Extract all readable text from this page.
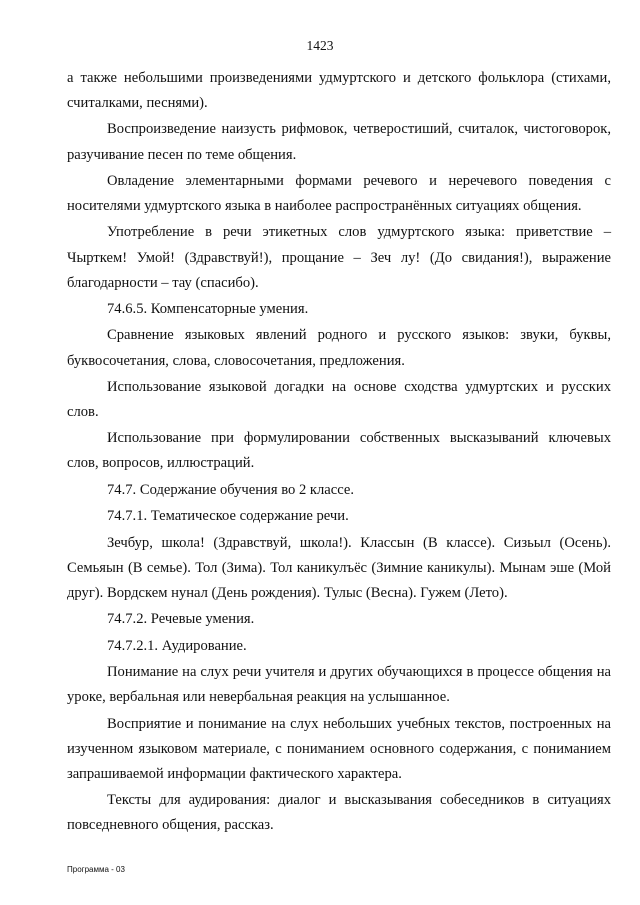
1423

а также небольшими произведениями удмуртского и детского фольклора (стихами, считалками, песнями).

Воспроизведение наизусть рифмовок, четверостиший, считалок, чистоговорок, разучивание песен по теме общения.

Овладение элементарными формами речевого и неречевого поведения с носителями удмуртского языка в наиболее распространённых ситуациях общения.

Употребление в речи этикетных слов удмуртского языка: приветствие – Чырткем! Умой! (Здравствуй!), прощание – Зеч лу! (До свидания!), выражение благодарности – тау (спасибо).

74.6.5. Компенсаторные умения.

Сравнение языковых явлений родного и русского языков: звуки, буквы, буквосочетания, слова, словосочетания, предложения.

Использование языковой догадки на основе сходства удмуртских и русских слов.

Использование при формулировании собственных высказываний ключевых слов, вопросов, иллюстраций.

74.7. Содержание обучения во 2 классе.

74.7.1. Тематическое содержание речи.

Зечбур, школа! (Здравствуй, школа!). Классын (В классе). Сизьыл (Осень). Семьяын (В семье). Тол (Зима). Тол каникулъёс (Зимние каникулы). Мынам эше (Мой друг). Вордскем нунал (День рождения). Тулыс (Весна). Гужем (Лето).

74.7.2. Речевые умения.

74.7.2.1. Аудирование.

Понимание на слух речи учителя и других обучающихся в процессе общения на уроке, вербальная или невербальная реакция на услышанное.

Восприятие и понимание на слух небольших учебных текстов, построенных на изученном языковом материале, с пониманием основного содержания, с пониманием запрашиваемой информации фактического характера.

Тексты для аудирования: диалог и высказывания собеседников в ситуациях повседневного общения, рассказ.

Программа - 03
